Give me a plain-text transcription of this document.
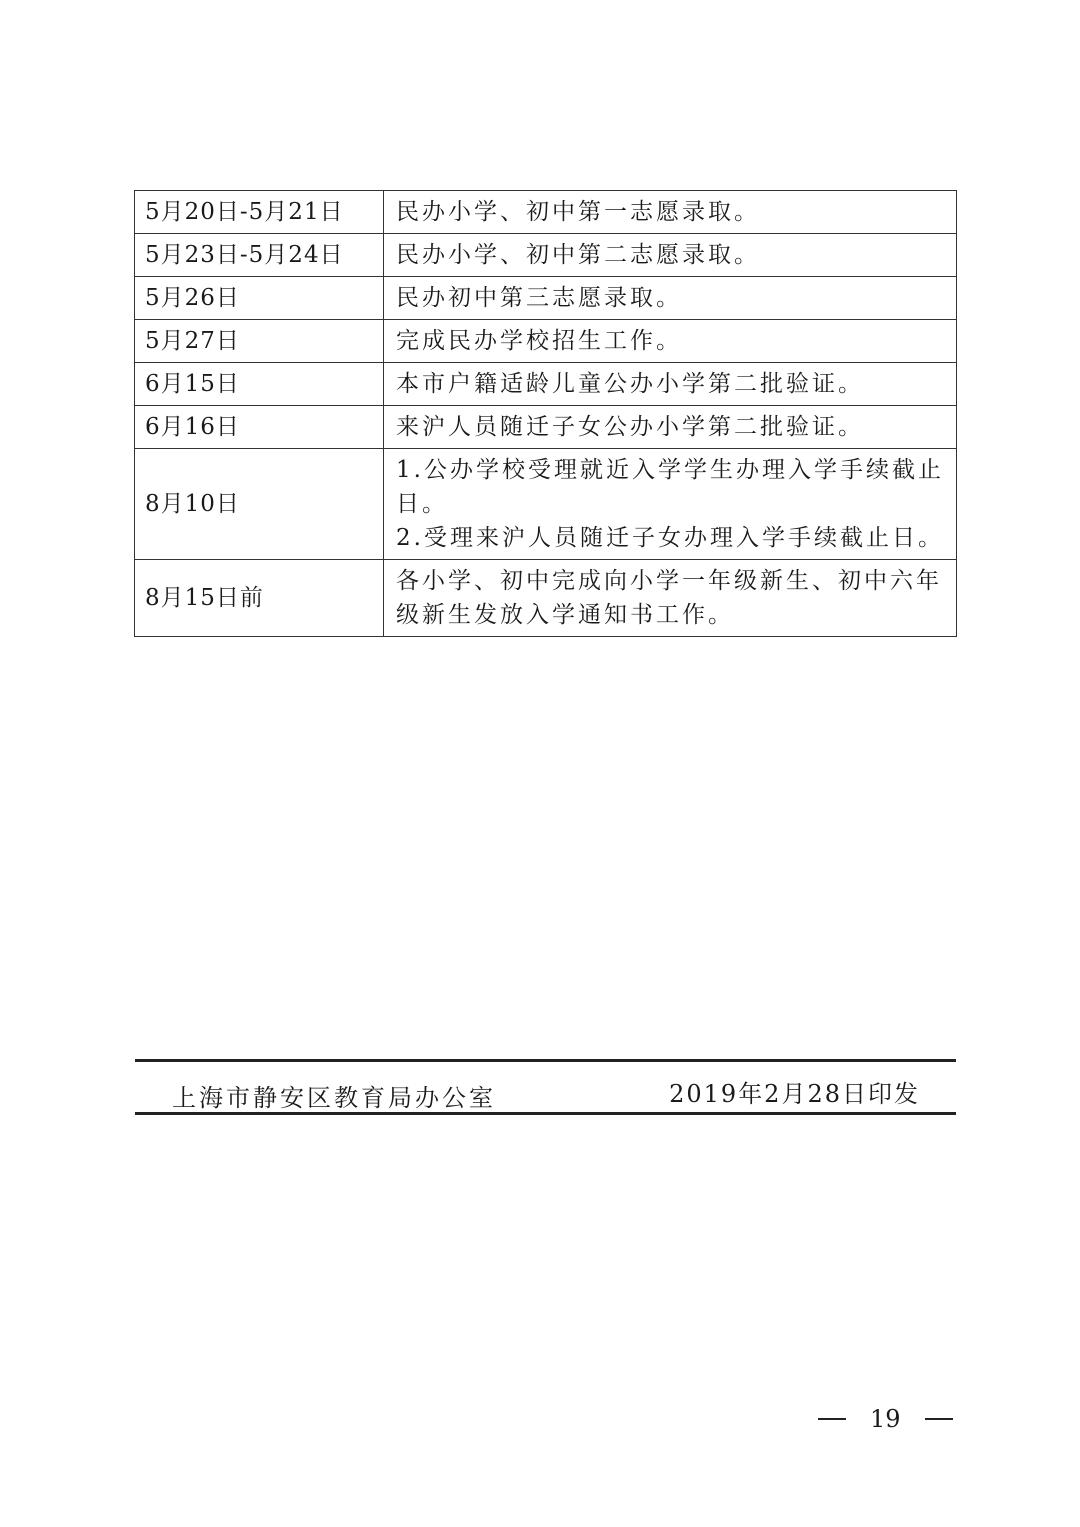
5月20日-5月21日	民办小学、初中第一志愿录取。
5月23日-5月24日	民办小学、初中第二志愿录取。
5月26日	民办初中第三志愿录取。
5月27日	完成民办学校招生工作。
6月15日	本市户籍适龄儿童公办小学第二批验证。
6月16日	来沪人员随迁子女公办小学第二批验证。
8月10日	1.公办学校受理就近入学学生办理入学手续截止日。
2.受理来沪人员随迁子女办理入学手续截止日。
8月15日前	各小学、初中完成向小学一年级新生、初中六年级新生发放入学通知书工作。
上海市静安区教育局办公室	2019年2月28日印发
19
